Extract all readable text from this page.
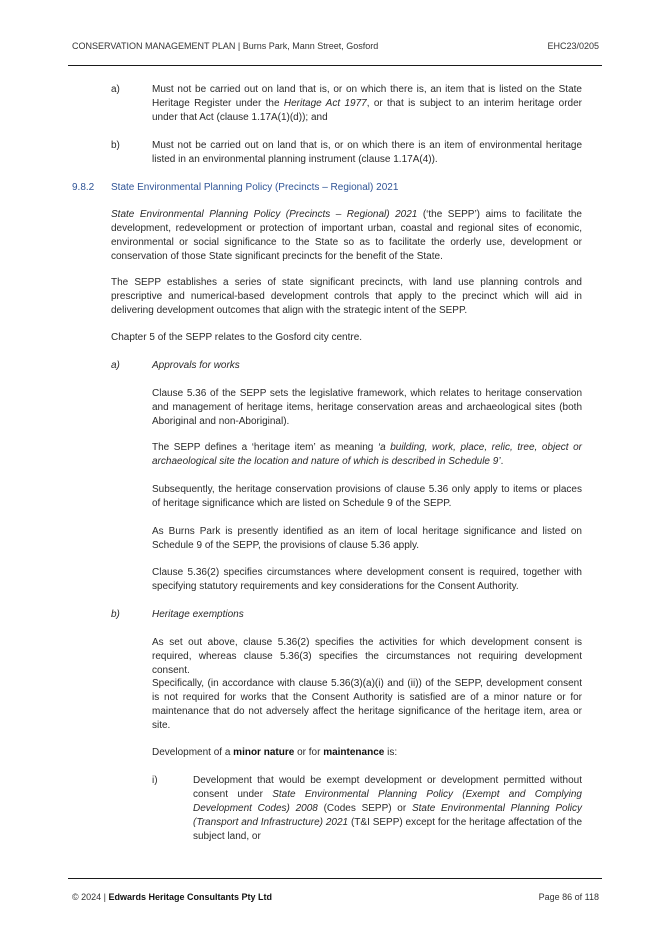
CONSERVATION MANAGEMENT PLAN | Burns Park, Mann Street, Gosford	EHC23/0205
a)	Must not be carried out on land that is, or on which there is, an item that is listed on the State Heritage Register under the Heritage Act 1977, or that is subject to an interim heritage order under that Act (clause 1.17A(1)(d)); and

b)	Must not be carried out on land that is, or on which there is an item of environmental heritage listed in an environmental planning instrument (clause 1.17A(4)).

9.8.2 State Environmental Planning Policy (Precincts – Regional) 2021

State Environmental Planning Policy (Precincts – Regional) 2021 (‘the SEPP’) aims to facilitate the development, redevelopment or protection of important urban, coastal and regional sites of economic, environmental or social significance to the State so as to facilitate the orderly use, development or conservation of those State significant precincts for the benefit of the State.

The SEPP establishes a series of state significant precincts, with land use planning controls and prescriptive and numerical-based development controls that apply to the precinct which will aid in delivering development outcomes that align with the strategic intent of the SEPP.

Chapter 5 of the SEPP relates to the Gosford city centre.

a)	Approvals for works

Clause 5.36 of the SEPP sets the legislative framework, which relates to heritage conservation and management of heritage items, heritage conservation areas and archaeological sites (both Aboriginal and non-Aboriginal).

The SEPP defines a ‘heritage item’ as meaning ‘a building, work, place, relic, tree, object or archaeological site the location and nature of which is described in Schedule 9’.

Subsequently, the heritage conservation provisions of clause 5.36 only apply to items or places of heritage significance which are listed on Schedule 9 of the SEPP.

As Burns Park is presently identified as an item of local heritage significance and listed on Schedule 9 of the SEPP, the provisions of clause 5.36 apply.

Clause 5.36(2) specifies circumstances where development consent is required, together with specifying statutory requirements and key considerations for the Consent Authority.

b)	Heritage exemptions

As set out above, clause 5.36(2) specifies the activities for which development consent is required, whereas clause 5.36(3) specifies the circumstances not requiring development consent.

Specifically, (in accordance with clause 5.36(3)(a)(i) and (ii)) of the SEPP, development consent is not required for works that the Consent Authority is satisfied are of a minor nature or for maintenance that do not adversely affect the heritage significance of the heritage item, area or site.

Development of a minor nature or for maintenance is:

i)	Development that would be exempt development or development permitted without consent under State Environmental Planning Policy (Exempt and Complying Development Codes) 2008 (Codes SEPP) or State Environmental Planning Policy (Transport and Infrastructure) 2021 (T&I SEPP) except for the heritage affectation of the subject land, or

© 2024 | Edwards Heritage Consultants Pty Ltd	Page 86 of 118
